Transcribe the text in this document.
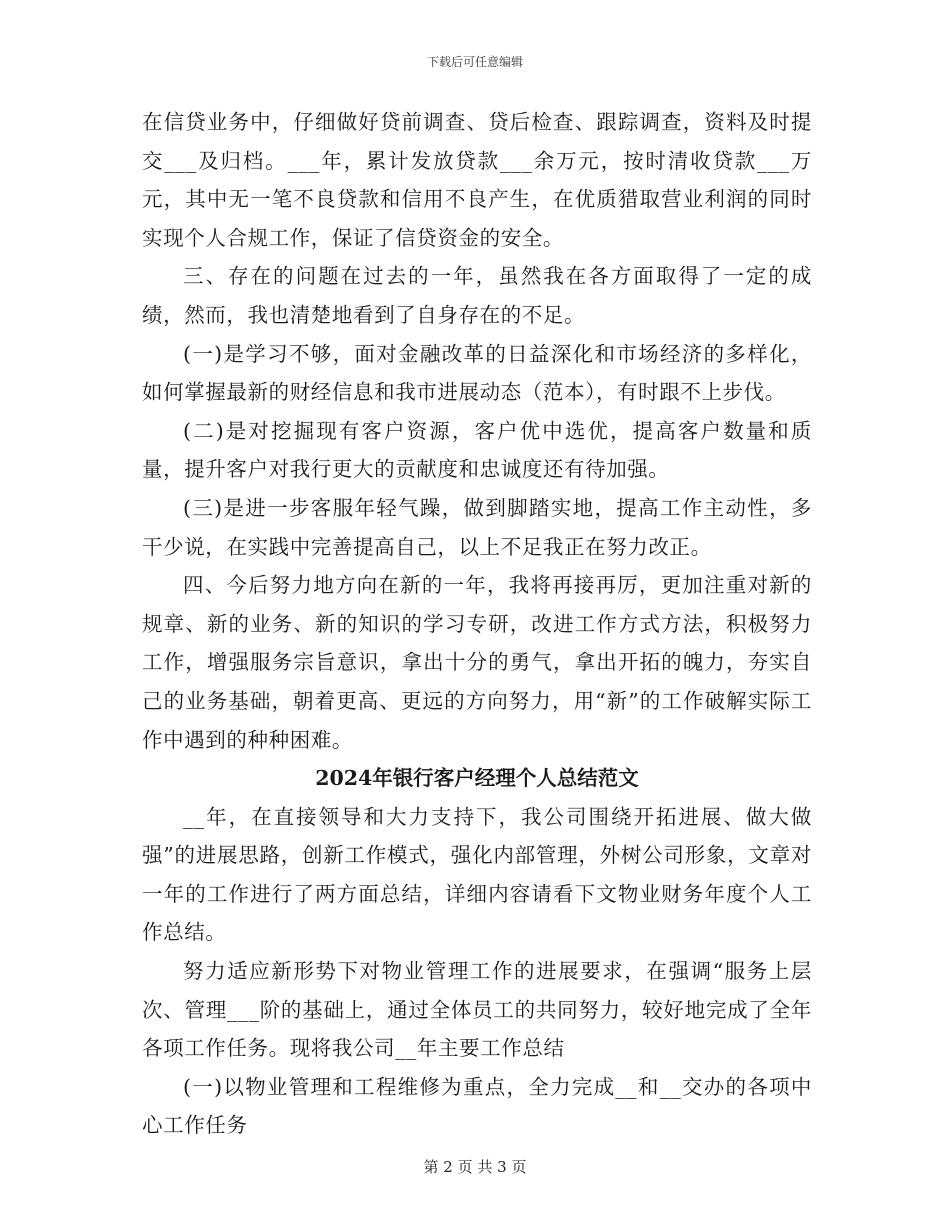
下载后可任意编辑

在信贷业务中，仔细做好贷前调查、贷后检查、跟踪调查，资料及时提交___及归档。___年，累计发放贷款___余万元，按时清收贷款___万元，其中无一笔不良贷款和信用不良产生，在优质猎取营业利润的同时实现个人合规工作，保证了信贷资金的安全。

三、存在的问题在过去的一年，虽然我在各方面取得了一定的成绩，然而，我也清楚地看到了自身存在的不足。

(一)是学习不够，面对金融改革的日益深化和市场经济的多样化，如何掌握最新的财经信息和我市进展动态（范本），有时跟不上步伐。

(二)是对挖掘现有客户资源，客户优中选优，提高客户数量和质量，提升客户对我行更大的贡献度和忠诚度还有待加强。

(三)是进一步客服年轻气躁，做到脚踏实地，提高工作主动性，多干少说，在实践中完善提高自己，以上不足我正在努力改正。

四、今后努力地方向在新的一年，我将再接再厉，更加注重对新的规章、新的业务、新的知识的学习专研，改进工作方式方法，积极努力工作，增强服务宗旨意识，拿出十分的勇气，拿出开拓的魄力，夯实自己的业务基础，朝着更高、更远的方向努力，用“新”的工作破解实际工作中遇到的种种困难。

2024年银行客户经理个人总结范文

__年，在直接领导和大力支持下，我公司围绕开拓进展、做大做强”的进展思路，创新工作模式，强化内部管理，外树公司形象，文章对一年的工作进行了两方面总结，详细内容请看下文物业财务年度个人工作总结。

努力适应新形势下对物业管理工作的进展要求，在强调“服务上层次、管理___阶的基础上，通过全体员工的共同努力，较好地完成了全年各项工作任务。现将我公司__年主要工作总结

(一)以物业管理和工程维修为重点，全力完成__和__交办的各项中心工作任务

第 2 页 共 3 页
